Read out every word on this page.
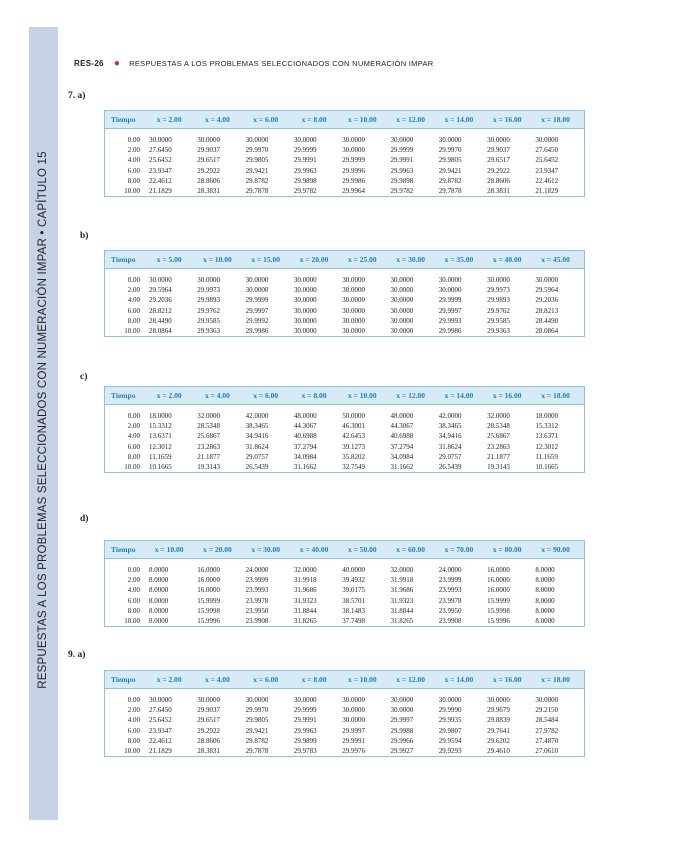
RESPUESTAS A LOS PROBLEMAS SELECCIONADOS CON NUMERACIÓN IMPAR • CAPÍTULO 15
RES-26 ● RESPUESTAS A LOS PROBLEMAS SELECCIONADOS CON NUMERACIÓN IMPAR
7. a)
Tiempo	x = 2.00	x = 4.00	x = 6.00	x = 8.00	x = 10.00	x = 12.00	x = 14.00	x = 16.00	x = 18.00
0.00	30.0000	30.0000	30.0000	30.0000	30.0000	30.0000	30.0000	30.0000	30.0000
2.00	27.6450	29.9037	29.9970	29.9999	30.0000	29.9999	29.9970	29.9037	27.6450
4.00	25.6452	29.6517	29.9805	29.9991	29.9999	29.9991	29.9805	29.6517	25.6452
6.00	23.9347	29.2922	29.9421	29.9963	29.9996	29.9963	29.9421	29.2922	23.9347
8.00	22.4612	28.8606	29.8782	29.9898	29.9986	29.9898	29.8782	28.8606	22.4612
10.00	21.1829	28.3831	29.7878	29.9782	29.9964	29.9782	29.7878	28.3831	21.1829
b)
Tiempo	x = 5.00	x = 10.00	x = 15.00	x = 20.00	x = 25.00	x = 30.00	x = 35.00	x = 40.00	x = 45.00
0.00	30.0000	30.0000	30.0000	30.0000	30.0000	30.0000	30.0000	30.0000	30.0000
2.00	29.5964	29.9973	30.0000	30.0000	30.0000	30.0000	30.0000	29.9973	29.5964
4.00	29.2036	29.9893	29.9999	30.0000	30.0000	30.0000	29.9999	29.9893	29.2036
6.00	28.8212	29.9762	29.9997	30.0000	30.0000	30.0000	29.9997	29.9762	28.8213
8.00	28.4490	29.9585	29.9992	30.0000	30.0000	30.0000	29.9993	29.9585	28.4490
10.00	28.0864	29.9363	29.9986	30.0000	30.0000	30.0000	29.9986	29.9363	28.0864
c)
Tiempo	x = 2.00	x = 4.00	x = 6.00	x = 8.00	x = 10.00	x = 12.00	x = 14.00	x = 16.00	x = 18.00
0.00	18.0000	32.0000	42.0000	48.0000	50.0000	48.0000	42.0000	32.0000	18.0000
2.00	15.3312	28.5348	38.3465	44.3067	46.3001	44.3067	38.3465	28.5348	15.3312
4.00	13.6371	25.6867	34.9416	40.6988	42.6453	40.6988	34.9416	25.6867	13.6371
6.00	12.3012	23.2863	31.8624	37.2794	39.1273	37.2794	31.8624	23.2863	12.3012
8.00	11.1659	21.1877	29.0757	34.0984	35.8202	34.0984	29.0757	21.1877	11.1659
10.00	10.1665	19.3143	26.5439	31.1662	32.7549	31.1662	26.5439	19.3143	10.1665
d)
Tiempo	x = 10.00	x = 20.00	x = 30.00	x = 40.00	x = 50.00	x = 60.00	x = 70.00	x = 80.00	x = 90.00
0.00	8.0000	16.0000	24.0000	32.0000	40.0000	32.0000	24.0000	16.0000	8.0000
2.00	8.0000	16.0000	23.9999	31.9918	39.4932	31.9918	23.9999	16.0000	8.0000
4.00	8.0000	16.0000	23.9993	31.9686	39.0175	31.9686	23.9993	16.0000	8.0000
6.00	8.0000	15.9999	23.9978	31.9323	38.5701	31.9323	23.9978	15.9999	8.0000
8.00	8.0000	15.9998	23.9950	31.8844	38.1483	31.8844	23.9950	15.9998	8.0000
10.00	8.0000	15.9996	23.9908	31.8265	37.7498	31.8265	23.9908	15.9996	8.0000
9. a)
Tiempo	x = 2.00	x = 4.00	x = 6.00	x = 8.00	x = 10.00	x = 12.00	x = 14.00	x = 16.00	x = 18.00
0.00	30.0000	30.0000	30.0000	30.0000	30.0000	30.0000	30.0000	30.0000	30.0000
2.00	27.6450	29.9037	29.9970	29.9999	30.0000	30.0000	29.9990	29.9679	29.2150
4.00	25.6452	29.6517	29.9805	29.9991	30.0000	29.9997	29.9935	29.8839	28.5484
6.00	23.9347	29.2922	29.9421	29.9963	29.9997	29.9988	29.9807	29.7641	27.9782
8.00	22.4612	28.8606	29.8782	29.9899	29.9991	29.9966	29.9594	29.6202	27.4870
10.00	21.1829	28.3831	29.7878	29.9783	29.9976	29.9927	29.9293	29.4610	27.0610
